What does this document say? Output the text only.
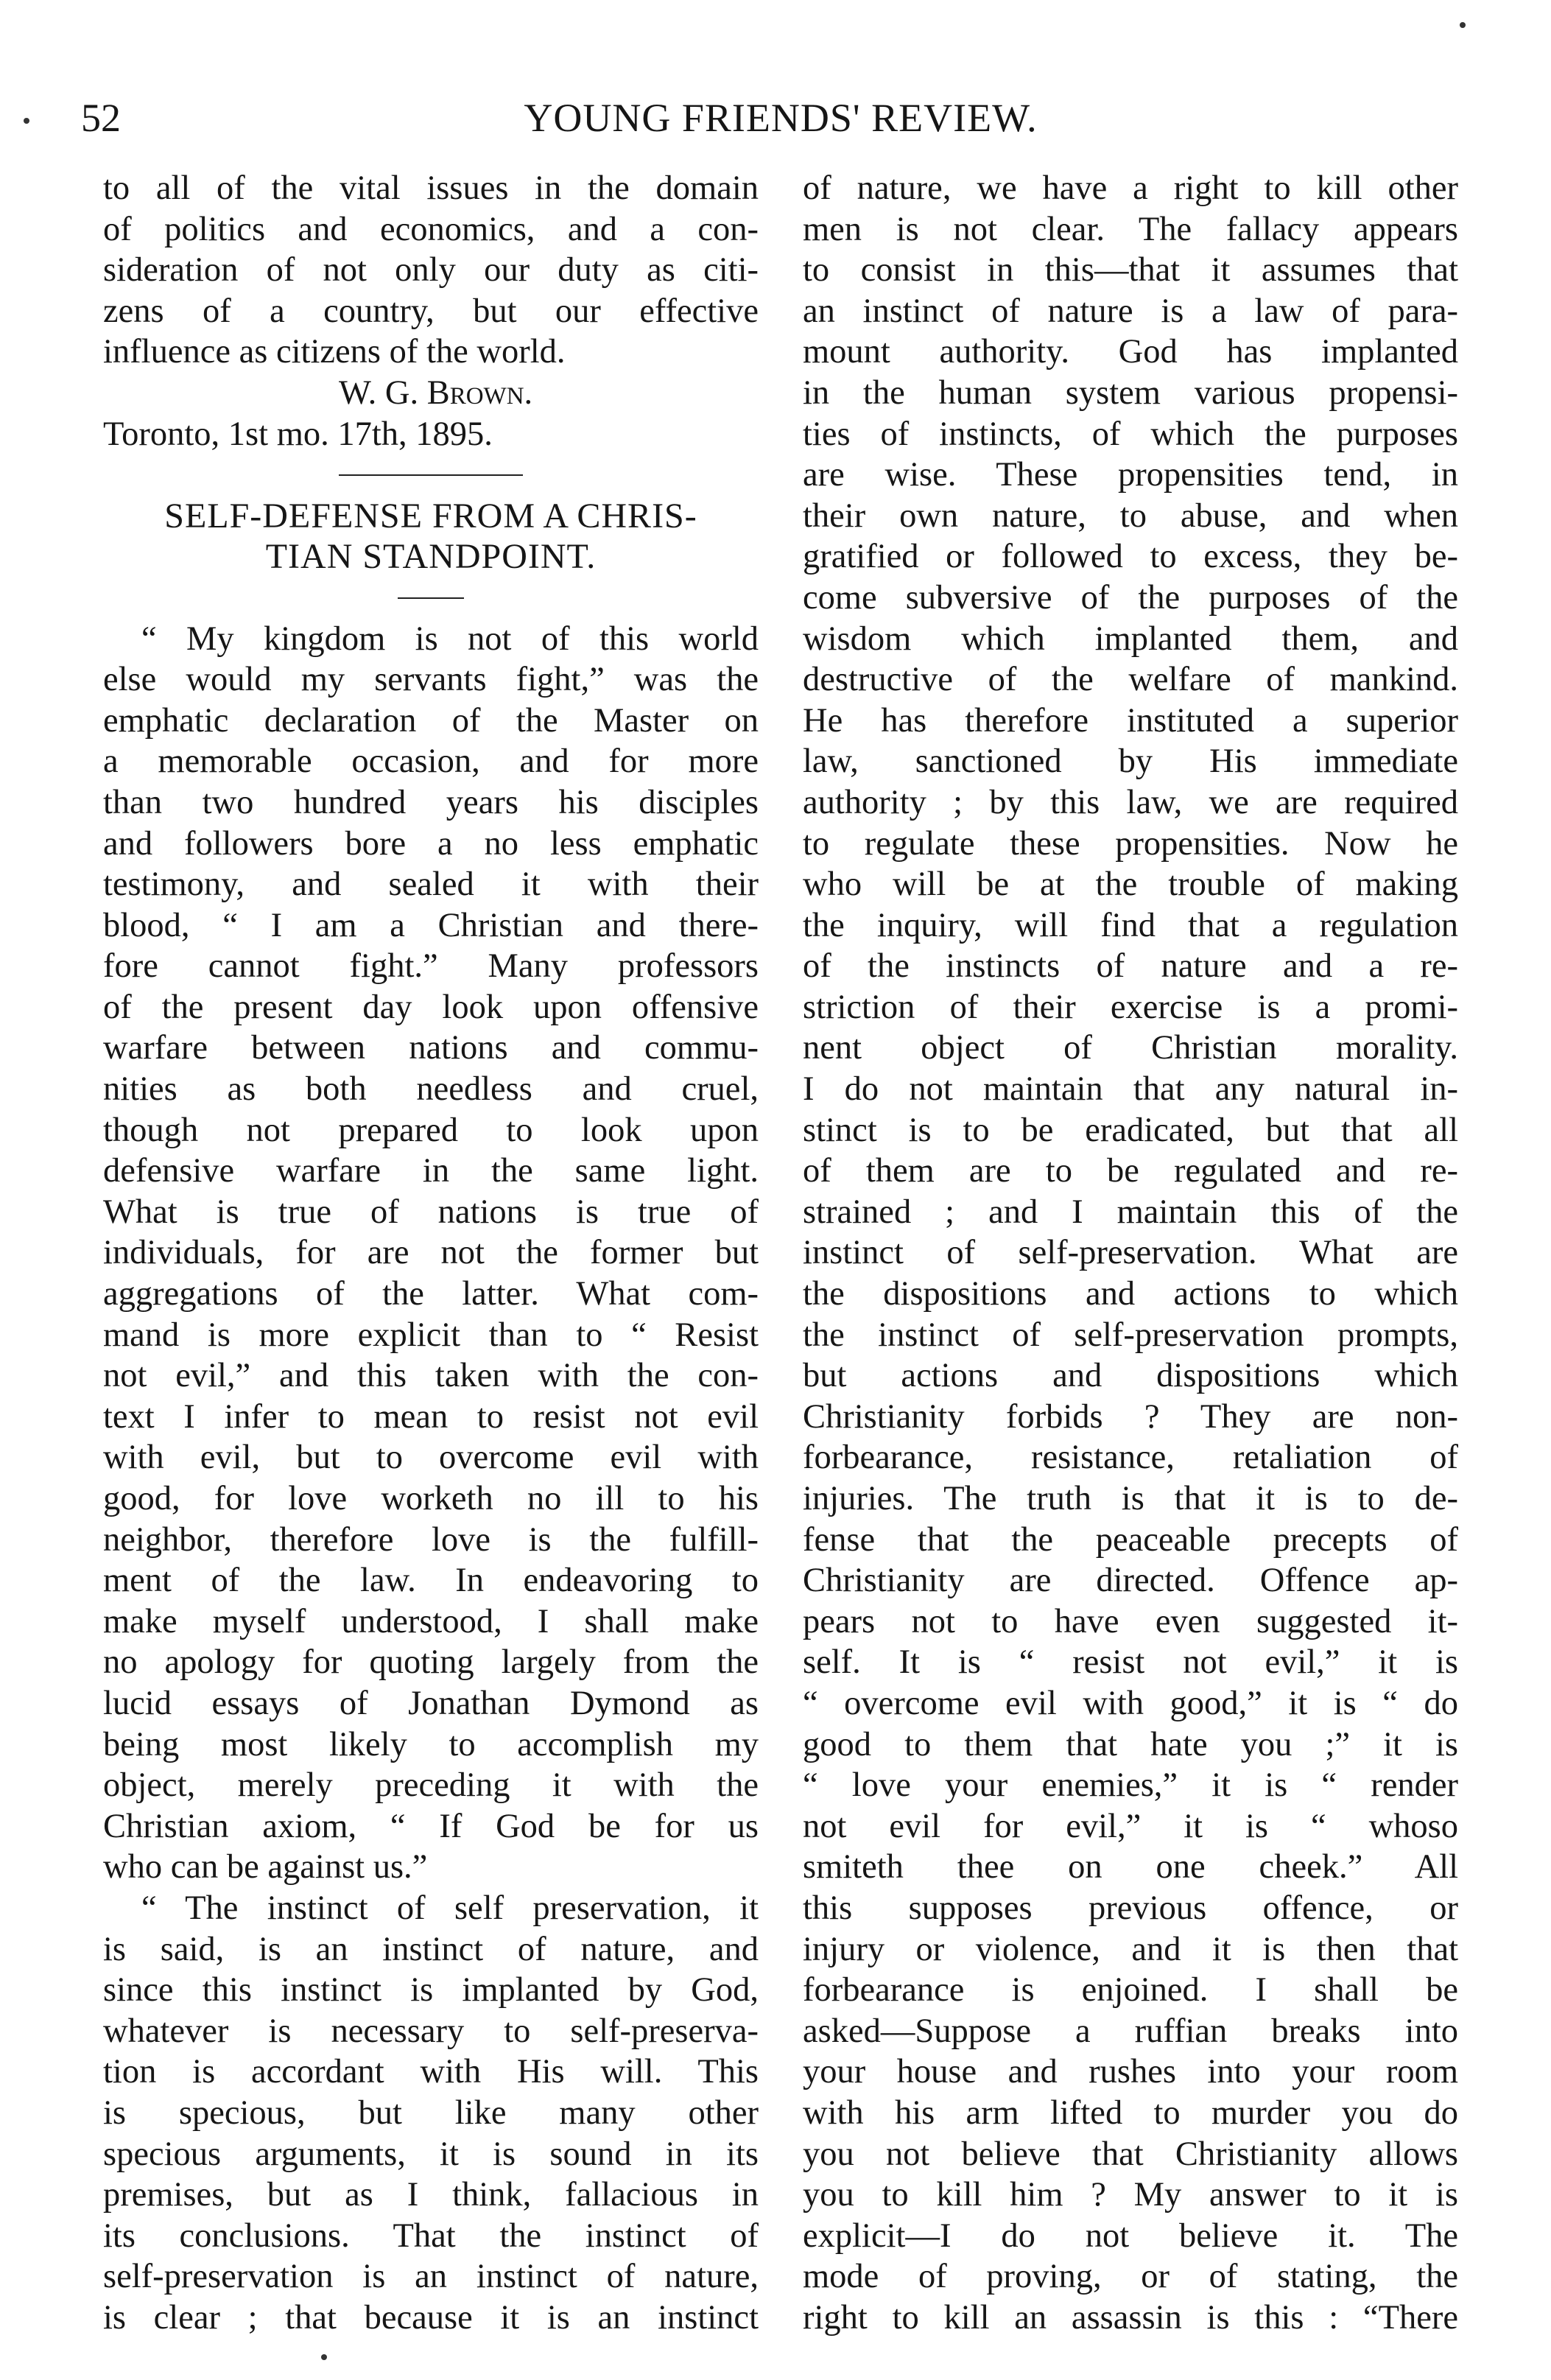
52	YOUNG FRIENDS' REVIEW.
to all of the vital issues in the domain
of politics and economics, and a con-
sideration of not only our duty as citi-
zens of a country, but our effective
influence as citizens of the world.
W. G. Brown.
Toronto, 1st mo. 17th, 1895.
SELF-DEFENSE FROM A CHRIS-
TIAN STANDPOINT.
“ My kingdom is not of this world
else would my servants fight,” was the
emphatic declaration of the Master on
a memorable occasion, and for more
than two hundred years his disciples
and followers bore a no less emphatic
testimony, and sealed it with their
blood, “ I am a Christian and there-
fore cannot fight.” Many professors
of the present day look upon offensive
warfare between nations and commu-
nities as both needless and cruel,
though not prepared to look upon
defensive warfare in the same light.
What is true of nations is true of
individuals, for are not the former but
aggregations of the latter. What com-
mand is more explicit than to “ Resist
not evil,” and this taken with the con-
text I infer to mean to resist not evil
with evil, but to overcome evil with
good, for love worketh no ill to his
neighbor, therefore love is the fulfill-
ment of the law. In endeavoring to
make myself understood, I shall make
no apology for quoting largely from the
lucid essays of Jonathan Dymond as
being most likely to accomplish my
object, merely preceding it with the
Christian axiom, “ If God be for us
who can be against us.”
“ The instinct of self preservation, it
is said, is an instinct of nature, and
since this instinct is implanted by God,
whatever is necessary to self-preserva-
tion is accordant with His will. This
is specious, but like many other
specious arguments, it is sound in its
premises, but as I think, fallacious in
its conclusions. That the instinct of
self-preservation is an instinct of nature,
is clear ; that because it is an instinct
of nature, we have a right to kill other
men is not clear. The fallacy appears
to consist in this—that it assumes that
an instinct of nature is a law of para-
mount authority. God has implanted
in the human system various propensi-
ties of instincts, of which the purposes
are wise. These propensities tend, in
their own nature, to abuse, and when
gratified or followed to excess, they be-
come subversive of the purposes of the
wisdom which implanted them, and
destructive of the welfare of mankind.
He has therefore instituted a superior
law, sanctioned by His immediate
authority ; by this law, we are required
to regulate these propensities. Now he
who will be at the trouble of making
the inquiry, will find that a regulation
of the instincts of nature and a re-
striction of their exercise is a promi-
nent object of Christian morality.
I do not maintain that any natural in-
stinct is to be eradicated, but that all
of them are to be regulated and re-
strained ; and I maintain this of the
instinct of self-preservation. What are
the dispositions and actions to which
the instinct of self-preservation prompts,
but actions and dispositions which
Christianity forbids ? They are non-
forbearance, resistance, retaliation of
injuries. The truth is that it is to de-
fense that the peaceable precepts of
Christianity are directed. Offence ap-
pears not to have even suggested it-
self. It is “ resist not evil,” it is
“ overcome evil with good,” it is “ do
good to them that hate you ;” it is
“ love your enemies,” it is “ render
not evil for evil,” it is “ whoso
smiteth thee on one cheek.” All
this supposes previous offence, or
injury or violence, and it is then that
forbearance is enjoined. I shall be
asked—Suppose a ruffian breaks into
your house and rushes into your room
with his arm lifted to murder you do
you not believe that Christianity allows
you to kill him ? My answer to it is
explicit—I do not believe it. The
mode of proving, or of stating, the
right to kill an assassin is this : “There
